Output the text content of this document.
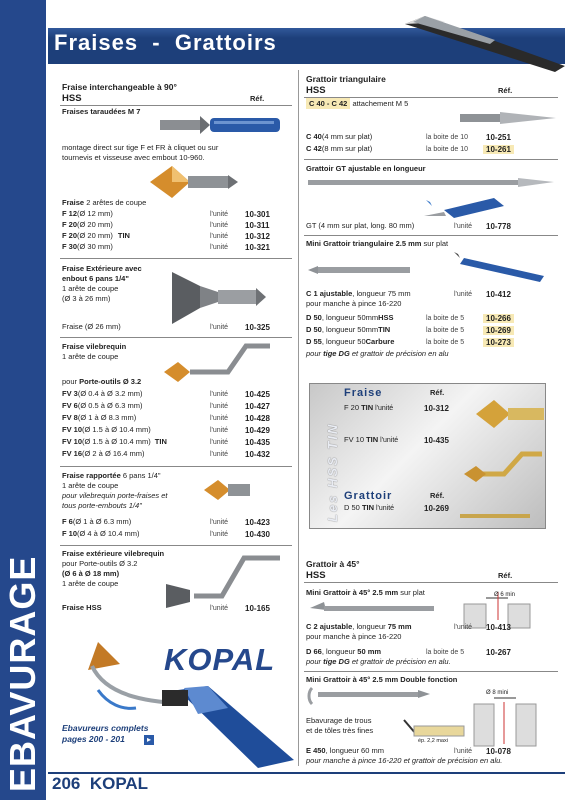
EBAVURAGE
Fraises  -  Grattoirs
Fraise interchangeable à 90°
HSS	Réf.
Fraises taraudées M 7
montage direct sur tige F et FR à cliquet ou sur
tournevis et visseuse avec embout 10-960.
Fraise 2 arêtes de coupe
F 12 (Ø 12 mm)	l'unité 10-301
F 20 (Ø 20 mm)	l'unité 10-311
F 20 (Ø 20 mm) TIN	l'unité 10-312
F 30 (Ø 30 mm)	l'unité 10-321
Fraise Extérieure avec
enbout 6 pans 1/4"
1 arête de coupe
(Ø 3 à 26 mm)
Fraise (Ø 26 mm)	l'unité 10-325
Fraise vilebrequin
1 arête de coupe
pour Porte-outils Ø 3.2
FV 3 (Ø 0.4 à Ø 3.2 mm)	l'unité 10-425
FV 6 (Ø 0.5 à Ø 6.3 mm)	l'unité 10-427
FV 8 (Ø 1 à Ø 8.3 mm)	l'unité 10-428
FV 10 (Ø 1.5 à Ø 10.4 mm)	l'unité 10-429
FV 10 (Ø 1.5 à Ø 10.4 mm) TIN	l'unité 10-435
FV 16 (Ø 2 à Ø 16.4 mm)	l'unité 10-432
Fraise rapportée 6 pans 1/4"
1 arête de coupe
pour vilebrequin porte-fraises et
tous porte-embouts 1/4"
F 6 (Ø 1 à Ø 6.3 mm)	l'unité 10-423
F 10 (Ø 4 à Ø 10.4 mm)	l'unité 10-430
Fraise extérieure vilebrequin
pour Porte-outils Ø 3.2
(Ø 6 à Ø 18 mm)
1 arête de coupe
Fraise HSS	l'unité 10-165
KOPAL
Ebavureurs complets
pages 200 - 201	▸
206 KOPAL
Grattoir triangulaire
HSS	Réf.
C 40 - C 42 attachement M 5
C 40 (4 mm sur plat)	la boite de 10 10-251
C 42 (8 mm sur plat)	la boite de 10	10-261
Grattoir GT ajustable en longueur
GT (4 mm sur plat, long. 80 mm)	l'unité 10-778
Mini Grattoir triangulaire 2.5 mm sur plat
C 1 ajustable, longueur 75 mm
pour manche à pince 16-220
l'unité 10-412
D 50 , longueur 50mm HSS	la boite de 5	10-266
D 50 , longueur 50mm TIN	la boite de 5	10-269
D 55 , longueur 50 Carbure	la boite de 5	10-273
pour tige DG et grattoir de précision en alu
Les HSS TIN
Fraise	Réf.
F 20 TIN l'unité	10-312
FV 10 TIN l'unité	10-435
Grattoir	Réf.
D 50 TIN l'unité	10-269
Grattoir à 45°
HSS	Réf.
Mini Grattoir à 45° 2.5 mm sur plat	Ø 6 min
C 2 ajustable, longueur 75 mm
pour manche à pince 16-220
l'unité 10-413
D 66, longueur 50 mm	la boite de 5	10-267
pour tige DG et grattoir de précision en alu.
Mini Grattoir à 45° 2.5 mm Double fonction
ép. 2,2 maxi
Ø 8 mini
Ebavurage de trous
et de tôles très fines
E 450, longueur 60 mm	l'unité 10-078
pour manche à pince 16-220 et grattoir de précision en alu.
